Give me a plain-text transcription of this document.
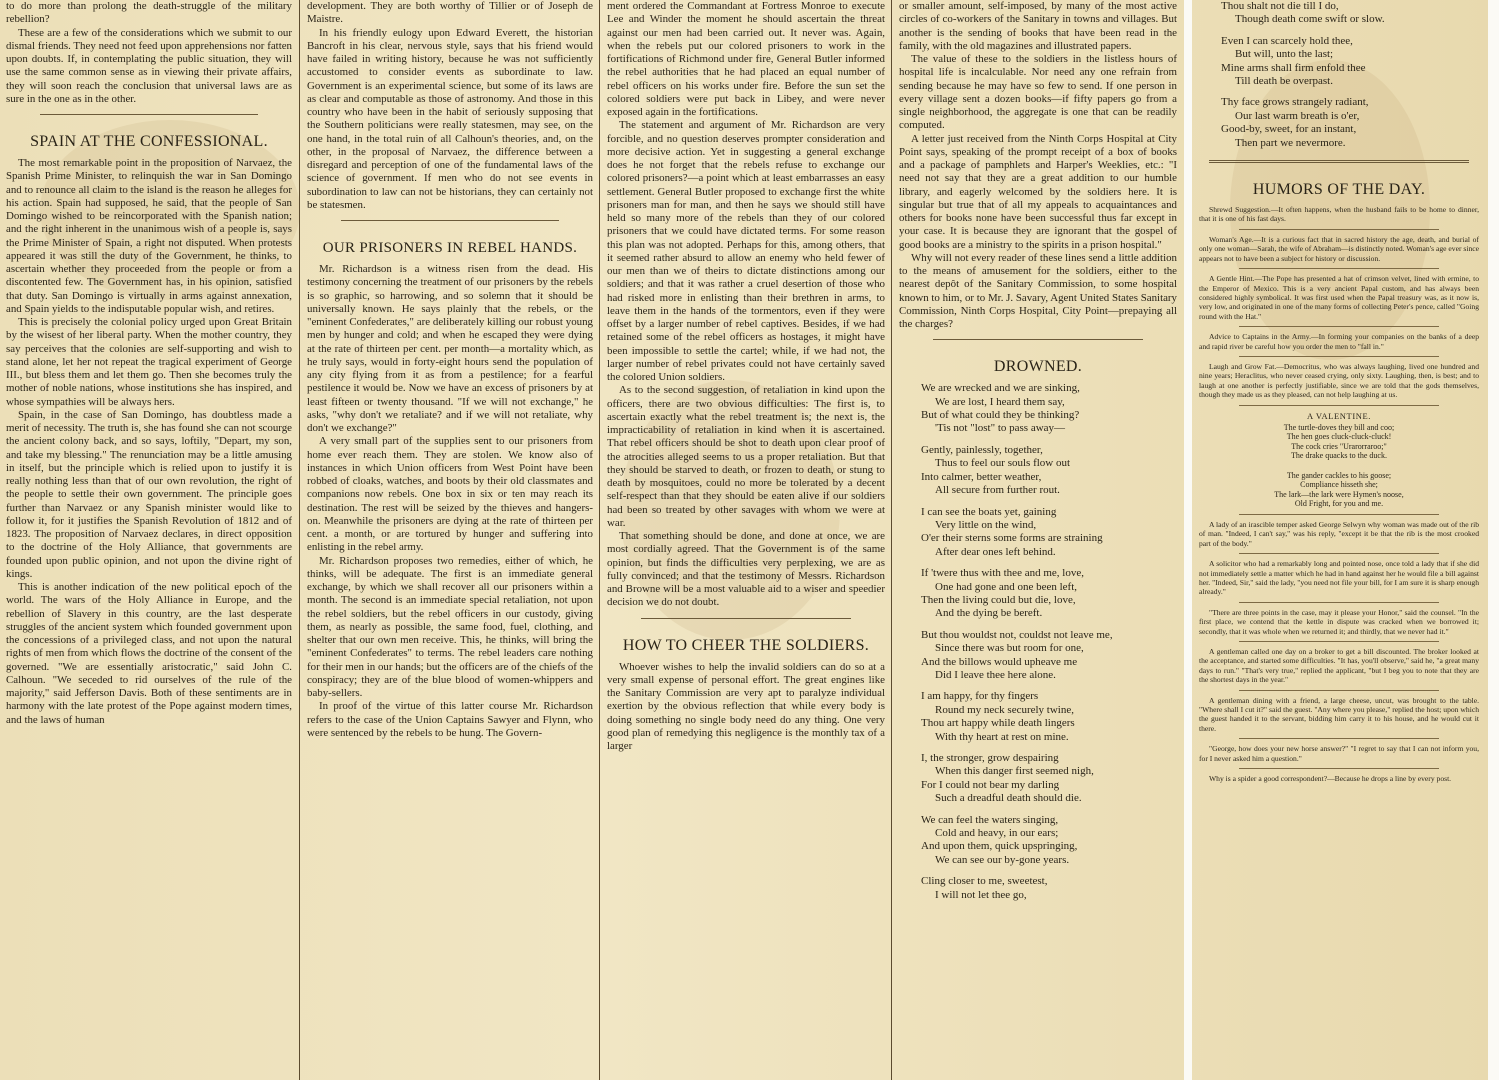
to do more than prolong the death-struggle of the military rebellion?

These are a few of the considerations which we submit to our dismal friends. They need not feed upon apprehensions nor fatten upon doubts. If, in contemplating the public situation, they will use the same common sense as in viewing their private affairs, they will soon reach the conclusion that universal laws are as sure in the one as in the other.

SPAIN AT THE CONFESSIONAL.

The most remarkable point in the proposition of Narvaez, the Spanish Prime Minister, to relinquish the war in San Domingo and to renounce all claim to the island is the reason he alleges for his action. Spain had supposed, he said, that the people of San Domingo wished to be reincorporated with the Spanish nation; and the right inherent in the unanimous wish of a people is, says the Prime Minister of Spain, a right not disputed. When protests appeared it was still the duty of the Government, he thinks, to ascertain whether they proceeded from the people or from a discontented few. The Government has, in his opinion, satisfied that duty. San Domingo is virtually in arms against annexation, and Spain yields to the indisputable popular wish, and retires.

This is precisely the colonial policy urged upon Great Britain by the wisest of her liberal party. When the mother country, they say perceives that the colonies are self-supporting and wish to stand alone, let her not repeat the tragical experiment of George III., but bless them and let them go. Then she becomes truly the mother of noble nations, whose institutions she has inspired, and whose sympathies will be always hers.

Spain, in the case of San Domingo, has doubtless made a merit of necessity. The truth is, she has found she can not scourge the ancient colony back, and so says, loftily, "Depart, my son, and take my blessing." The renunciation may be a little amusing in itself, but the principle which is relied upon to justify it is really nothing less than that of our own revolution, the right of the people to settle their own government. The principle goes further than Narvaez or any Spanish minister would like to follow it, for it justifies the Spanish Revolution of 1812 and of 1823. The proposition of Narvaez declares, in direct opposition to the doctrine of the Holy Alliance, that governments are founded upon public opinion, and not upon the divine right of kings.

This is another indication of the new political epoch of the world. The wars of the Holy Alliance in Europe, and the rebellion of Slavery in this country, are the last desperate struggles of the ancient system which founded government upon the concessions of a privileged class, and not upon the natural rights of men from which flows the doctrine of the consent of the governed. "We are essentially aristocratic," said John C. Calhoun. "We seceded to rid ourselves of the rule of the majority," said Jefferson Davis. Both of these sentiments are in harmony with the late protest of the Pope against modern times, and the laws of human

development. They are both worthy of Tillier or of Joseph de Maistre.

In his friendly eulogy upon Edward Everett, the historian Bancroft in his clear, nervous style, says that his friend would have failed in writing history, because he was not sufficiently accustomed to consider events as subordinate to law. Government is an experimental science, but some of its laws are as clear and computable as those of astronomy. And those in this country who have been in the habit of seriously supposing that the Southern politicians were really statesmen, may see, on the one hand, in the total ruin of all Calhoun's theories, and, on the other, in the proposal of Narvaez, the difference between a disregard and perception of one of the fundamental laws of the science of government. If men who do not see events in subordination to law can not be historians, they can certainly not be statesmen.

OUR PRISONERS IN REBEL HANDS.

Mr. Richardson is a witness risen from the dead. His testimony concerning the treatment of our prisoners by the rebels is so graphic, so harrowing, and so solemn that it should be universally known. He says plainly that the rebels, or the "eminent Confederates," are deliberately killing our robust young men by hunger and cold; and when he escaped they were dying at the rate of thirteen per cent. per month—a mortality which, as he truly says, would in forty-eight hours send the population of any city flying from it as from a pestilence; for a fearful pestilence it would be. Now we have an excess of prisoners by at least fifteen or twenty thousand. "If we will not exchange," he asks, "why don't we retaliate? and if we will not retaliate, why don't we exchange?"

A very small part of the supplies sent to our prisoners from home ever reach them. They are stolen. We know also of instances in which Union officers from West Point have been robbed of cloaks, watches, and boots by their old classmates and companions now rebels. One box in six or ten may reach its destination. The rest will be seized by the thieves and hangers-on. Meanwhile the prisoners are dying at the rate of thirteen per cent. a month, or are tortured by hunger and suffering into enlisting in the rebel army.

Mr. Richardson proposes two remedies, either of which, he thinks, will be adequate. The first is an immediate general exchange, by which we shall recover all our prisoners within a month. The second is an immediate special retaliation, not upon the rebel soldiers, but the rebel officers in our custody, giving them, as nearly as possible, the same food, fuel, clothing, and shelter that our own men receive. This, he thinks, will bring the "eminent Confederates" to terms. The rebel leaders care nothing for their men in our hands; but the officers are of the chiefs of the conspiracy; they are of the blue blood of women-whippers and baby-sellers.

In proof of the virtue of this latter course Mr. Richardson refers to the case of the Union Captains Sawyer and Flynn, who were sentenced by the rebels to be hung. The Govern-

ment ordered the Commandant at Fortress Monroe to execute Lee and Winder the moment he should ascertain the threat against our men had been carried out. It never was. Again, when the rebels put our colored prisoners to work in the fortifications of Richmond under fire, General Butler informed the rebel authorities that he had placed an equal number of rebel officers on his works under fire. Before the sun set the colored soldiers were put back in Libey, and were never exposed again in the fortifications.

The statement and argument of Mr. Richardson are very forcible, and no question deserves prompter consideration and more decisive action. Yet in suggesting a general exchange does he not forget that the rebels refuse to exchange our colored prisoners?—a point which at least embarrasses an easy settlement. General Butler proposed to exchange first the white prisoners man for man, and then he says we should still have held so many more of the rebels than they of our colored prisoners that we could have dictated terms. For some reason this plan was not adopted. Perhaps for this, among others, that it seemed rather absurd to allow an enemy who held fewer of our men than we of theirs to dictate distinctions among our soldiers; and that it was rather a cruel desertion of those who had risked more in enlisting than their brethren in arms, to leave them in the hands of the tormentors, even if they were offset by a larger number of rebel captives. Besides, if we had retained some of the rebel officers as hostages, it might have been impossible to settle the cartel; while, if we had not, the larger number of rebel privates could not have certainly saved the colored Union soldiers.

As to the second suggestion, of retaliation in kind upon the officers, there are two obvious difficulties: The first is, to ascertain exactly what the rebel treatment is; the next is, the impracticability of retaliation in kind when it is ascertained. That rebel officers should be shot to death upon clear proof of the atrocities alleged seems to us a proper retaliation. But that they should be starved to death, or frozen to death, or stung to death by mosquitoes, could no more be tolerated by a decent self-respect than that they should be eaten alive if our soldiers had been so treated by other savages with whom we were at war.

That something should be done, and done at once, we are most cordially agreed. That the Government is of the same opinion, but finds the difficulties very perplexing, we are as fully convinced; and that the testimony of Messrs. Richardson and Browne will be a most valuable aid to a wiser and speedier decision we do not doubt.

HOW TO CHEER THE SOLDIERS.

Whoever wishes to help the invalid soldiers can do so at a very small expense of personal effort. The great engines like the Sanitary Commission are very apt to paralyze individual exertion by the obvious reflection that while every body is doing something no single body need do any thing. One very good plan of remedying this negligence is the monthly tax of a larger

or smaller amount, self-imposed, by many of the most active circles of co-workers of the Sanitary in towns and villages. But another is the sending of books that have been read in the family, with the old magazines and illustrated papers.

The value of these to the soldiers in the listless hours of hospital life is incalculable. Nor need any one refrain from sending because he may have so few to send. If one person in every village sent a dozen books—if fifty papers go from a single neighborhood, the aggregate is one that can be readily computed.

A letter just received from the Ninth Corps Hospital at City Point says, speaking of the prompt receipt of a box of books and a package of pamphlets and Harper's Weeklies, etc.: "I need not say that they are a great addition to our humble library, and eagerly welcomed by the soldiers here. It is singular but true that of all my appeals to acquaintances and others for books none have been successful thus far except in your case. It is because they are ignorant that the gospel of good books are a ministry to the spirits in a prison hospital."

Why will not every reader of these lines send a little addition to the means of amusement for the soldiers, either to the nearest depôt of the Sanitary Commission, to some hospital known to him, or to Mr. J. Savary, Agent United States Sanitary Commission, Ninth Corps Hospital, City Point—prepaying all the charges?

DROWNED.
We are wrecked and we are sinking,
We are lost, I heard them say,
But of what could they be thinking?
'Tis not "lost" to pass away—
Gently, painlessly, together,
Thus to feel our souls flow out
Into calmer, better weather,
All secure from further rout.
I can see the boats yet, gaining
Very little on the wind,
O'er their sterns some forms are straining
After dear ones left behind.
If 'twere thus with thee and me, love,
One had gone and one been left,
Then the living could but die, love,
And the dying be bereft.
But thou wouldst not, couldst not leave me,
Since there was but room for one,
And the billows would upheave me
Did I leave thee here alone.
I am happy, for thy fingers
Round my neck securely twine,
Thou art happy while death lingers
With thy heart at rest on mine.
I, the stronger, grow despairing
When this danger first seemed nigh,
For I could not bear my darling
Such a dreadful death should die.
We can feel the waters singing,
Cold and heavy, in our ears;
And upon them, quick upspringing,
We can see our by-gone years.
Cling closer to me, sweetest,
I will not let thee go,
Thou shalt not die till I do,
Though death come swift or slow.
Even I can scarcely hold thee,
But will, unto the last;
Mine arms shall firm enfold thee
Till death be overpast.
Thy face grows strangely radiant,
Our last warm breath is o'er,
Good-by, sweet, for an instant,
Then part we nevermore.
HUMORS OF THE DAY.

Shrewd Suggestion.—It often happens, when the husband fails to be home to dinner, that it is one of his fast days.

Woman's Age.—It is a curious fact that in sacred history the age, death, and burial of only one woman—Sarah, the wife of Abraham—is distinctly noted. Woman's age ever since appears not to have been a subject for history or discussion.

A Gentle Hint.—The Pope has presented a hat of crimson velvet, lined with ermine, to the Emperor of Mexico. This is a very ancient Papal custom, and has always been considered highly symbolical. It was first used when the Papal treasury was, as it now is, very low, and originated in one of the many forms of collecting Peter's pence, called "Going round with the Hat."

Advice to Captains in the Army.—In forming your companies on the banks of a deep and rapid river be careful how you order the men to "fall in."

Laugh and Grow Fat.—Democritus, who was always laughing, lived one hundred and nine years; Heraclitus, who never ceased crying, only sixty. Laughing, then, is best; and to laugh at one another is perfectly justifiable, since we are told that the gods themselves, though they made us as they pleased, can not help laughing at us.

A VALENTINE.
The turtle-doves they bill and coo;
The hen goes cluck-cluck-cluck!
The cock cries "Urarorraroo;"
The drake quacks to the duck.

The gander cackles to his goose;
Compliance hisseth she;
The lark—the lark were Hymen's noose,
Old Fright, for you and me.

A lady of an irascible temper asked George Selwyn why woman was made out of the rib of man. "Indeed, I can't say," was his reply, "except it be that the rib is the most crooked part of the body."

A solicitor who had a remarkably long and pointed nose, once told a lady that if she did not immediately settle a matter which he had in hand against her he would file a bill against her. "Indeed, Sir," said the lady, "you need not file your bill, for I am sure it is sharp enough already."

"There are three points in the case, may it please your Honor," said the counsel. "In the first place, we contend that the kettle in dispute was cracked when we borrowed it; secondly, that it was whole when we returned it; and thirdly, that we never had it."

A gentleman called one day on a broker to get a bill discounted. The broker looked at the acceptance, and started some difficulties. "It has, you'll observe," said he, "a great many days to run." "That's very true," replied the applicant, "but I beg you to note that they are the shortest days in the year."

A gentleman dining with a friend, a large cheese, uncut, was brought to the table. "Where shall I cut it?" said the guest. "Any where you please," replied the host; upon which the guest handed it to the servant, bidding him carry it to his house, and he would cut it there.

"George, how does your new horse answer?" "I regret to say that I can not inform you, for I never asked him a question."

Why is a spider a good correspondent?—Because he drops a line by every post.
